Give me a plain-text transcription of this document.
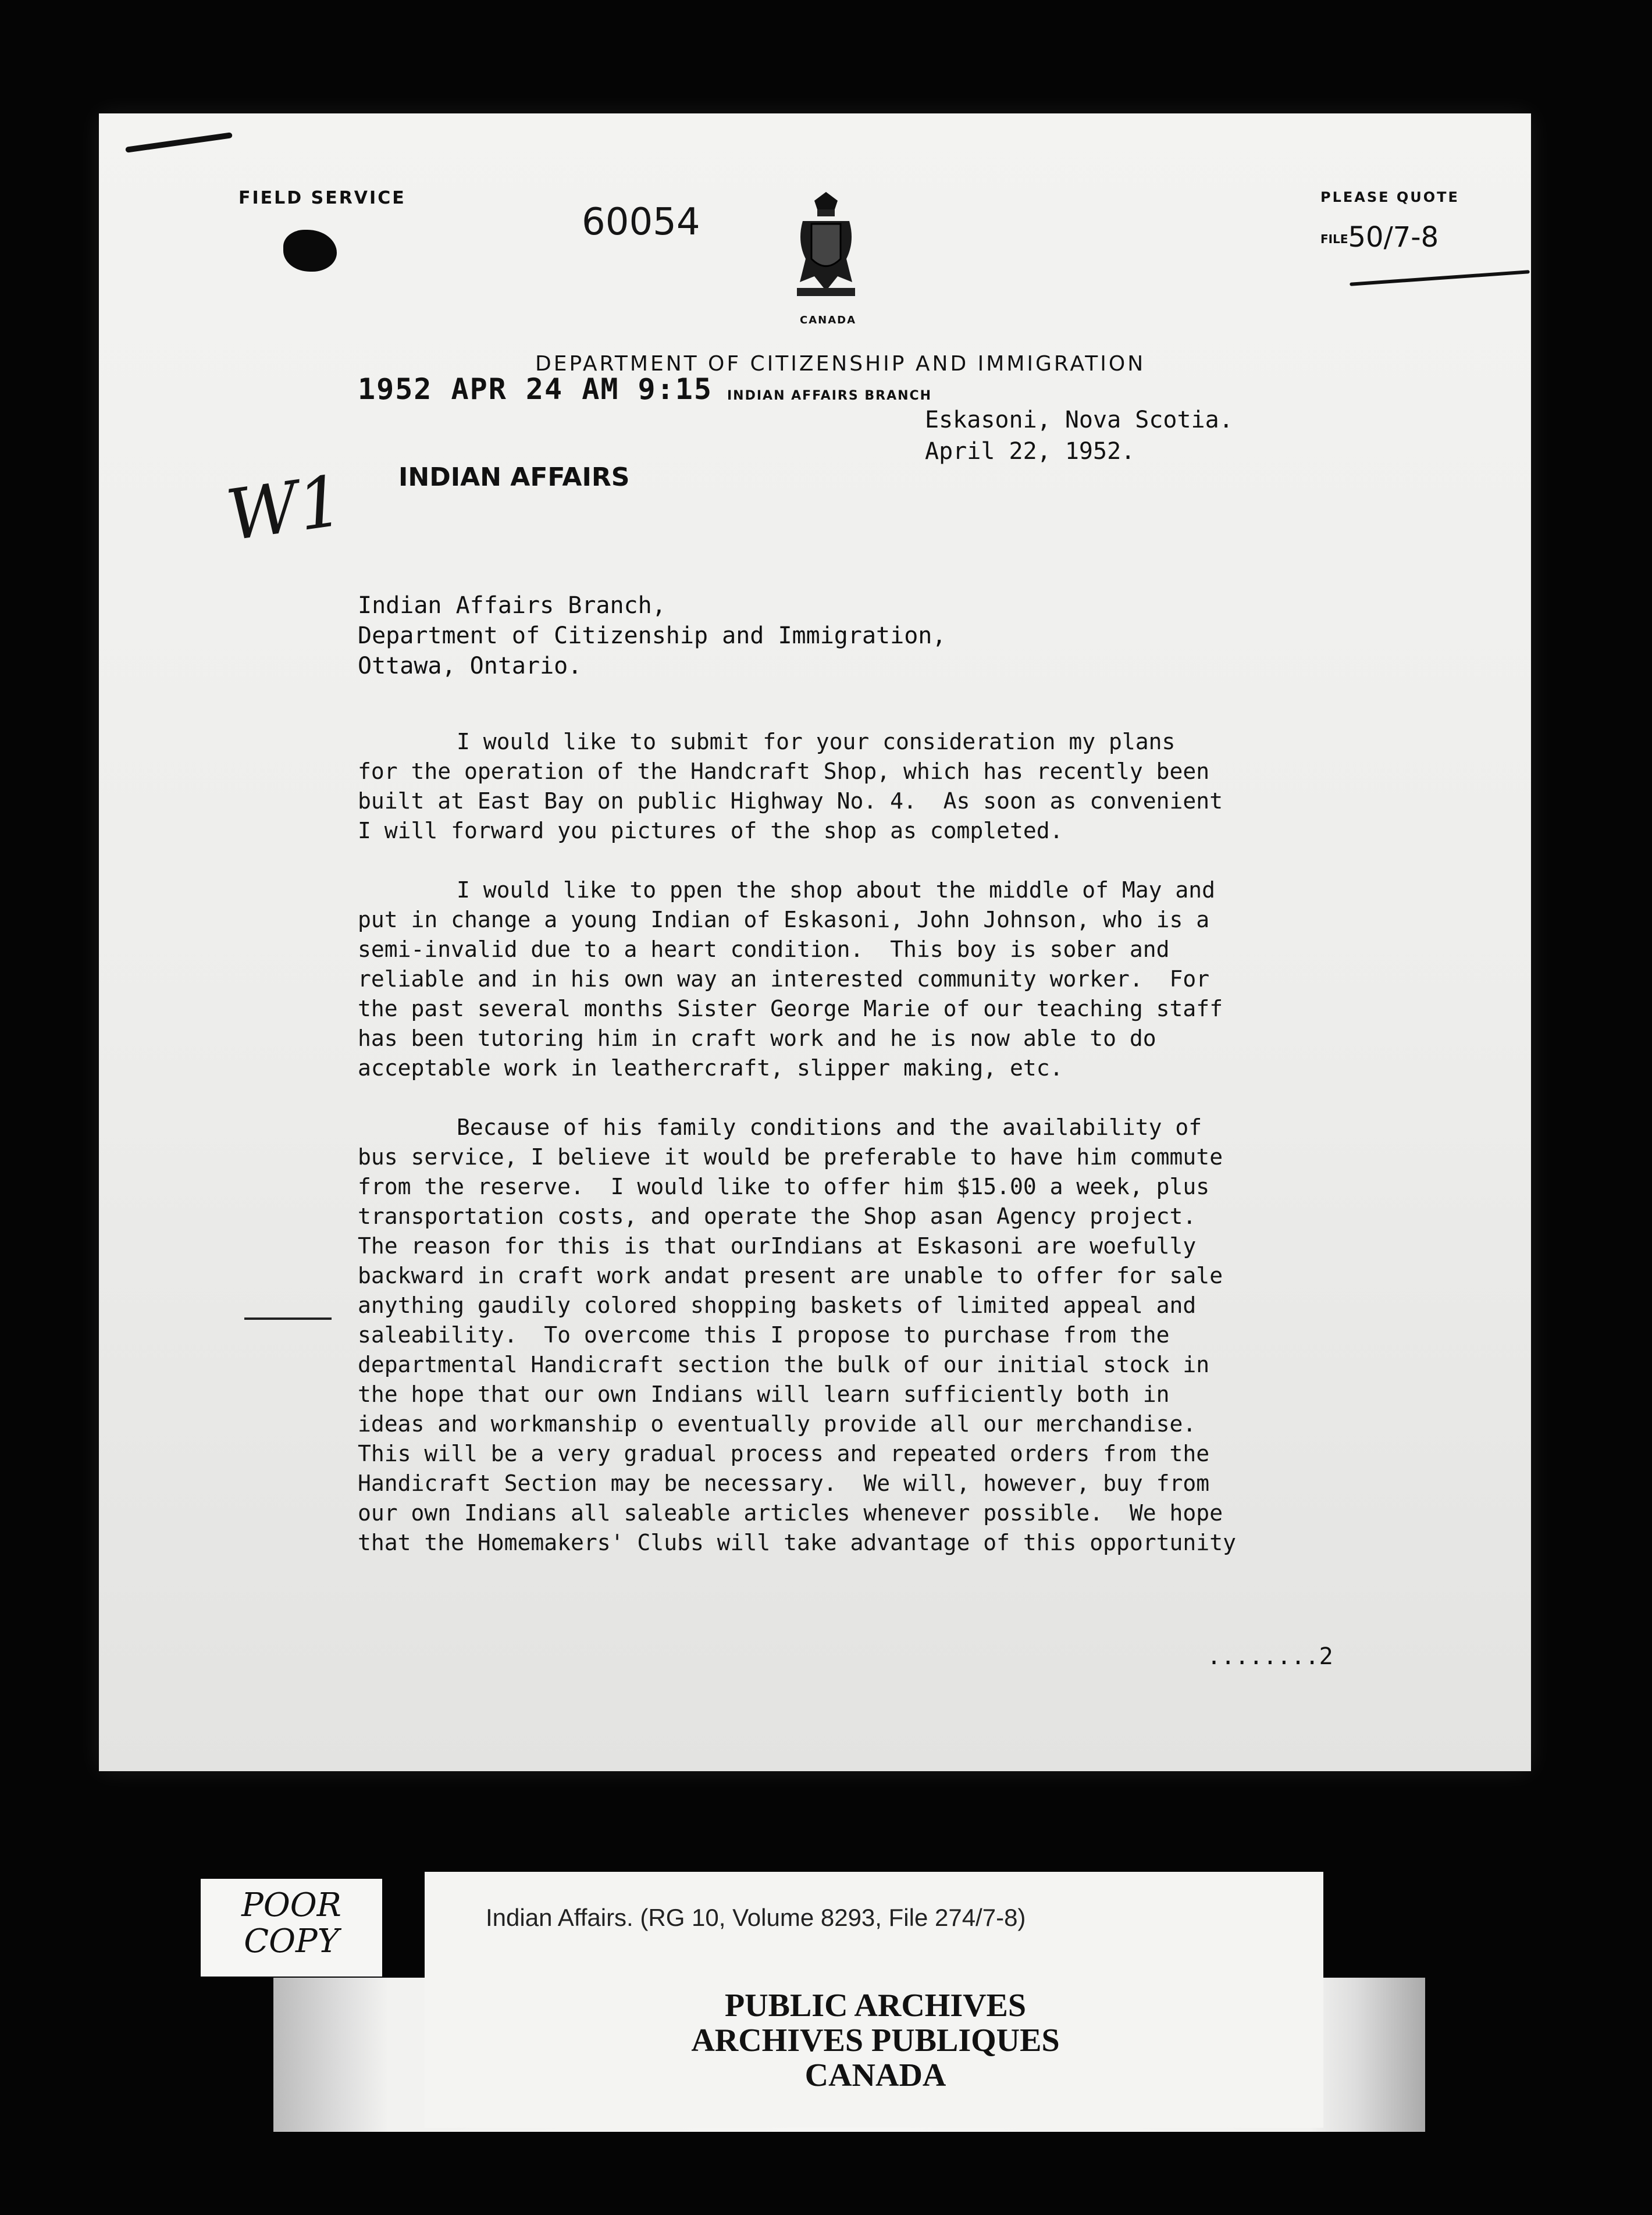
FIELD SERVICE
60054
CANADA
PLEASE QUOTE
FILE50/7-8
DEPARTMENT OF CITIZENSHIP AND IMMIGRATION
1952 APR 24 AM 9:15 INDIAN AFFAIRS BRANCH
Eskasoni, Nova Scotia.
April 22, 1952.
W1 INDIAN AFFAIRS
Indian Affairs Branch,
Department of Citizenship and Immigration,
Ottawa, Ontario.
I would like to submit for your consideration my plans
for the operation of the Handcraft Shop, which has recently been
built at East Bay on public Highway No. 4.  As soon as convenient
I will forward you pictures of the shop as completed.
I would like to ppen the shop about the middle of May and
put in change a young Indian of Eskasoni, John Johnson, who is a
semi-invalid due to a heart condition.  This boy is sober and
reliable and in his own way an interested community worker.  For
the past several months Sister George Marie of our teaching staff
has been tutoring him in craft work and he is now able to do
acceptable work in leathercraft, slipper making, etc.
Because of his family conditions and the availability of
bus service, I believe it would be preferable to have him commute
from the reserve.  I would like to offer him $15.00 a week, plus
transportation costs, and operate the Shop asan Agency project.
The reason for this is that ourIndians at Eskasoni are woefully
backward in craft work andat present are unable to offer for sale
anything gaudily colored shopping baskets of limited appeal and
saleability.  To overcome this I propose to purchase from the
departmental Handicraft section the bulk of our initial stock in
the hope that our own Indians will learn sufficiently both in
ideas and workmanship o eventually provide all our merchandise.
This will be a very gradual process and repeated orders from the
Handicraft Section may be necessary.  We will, however, buy from
our own Indians all saleable articles whenever possible.  We hope
that the Homemakers' Clubs will take advantage of this opportunity
........2
POOR
COPY
Indian Affairs. (RG 10, Volume 8293, File 274/7-8)
PUBLIC ARCHIVES
ARCHIVES PUBLIQUES
CANADA
